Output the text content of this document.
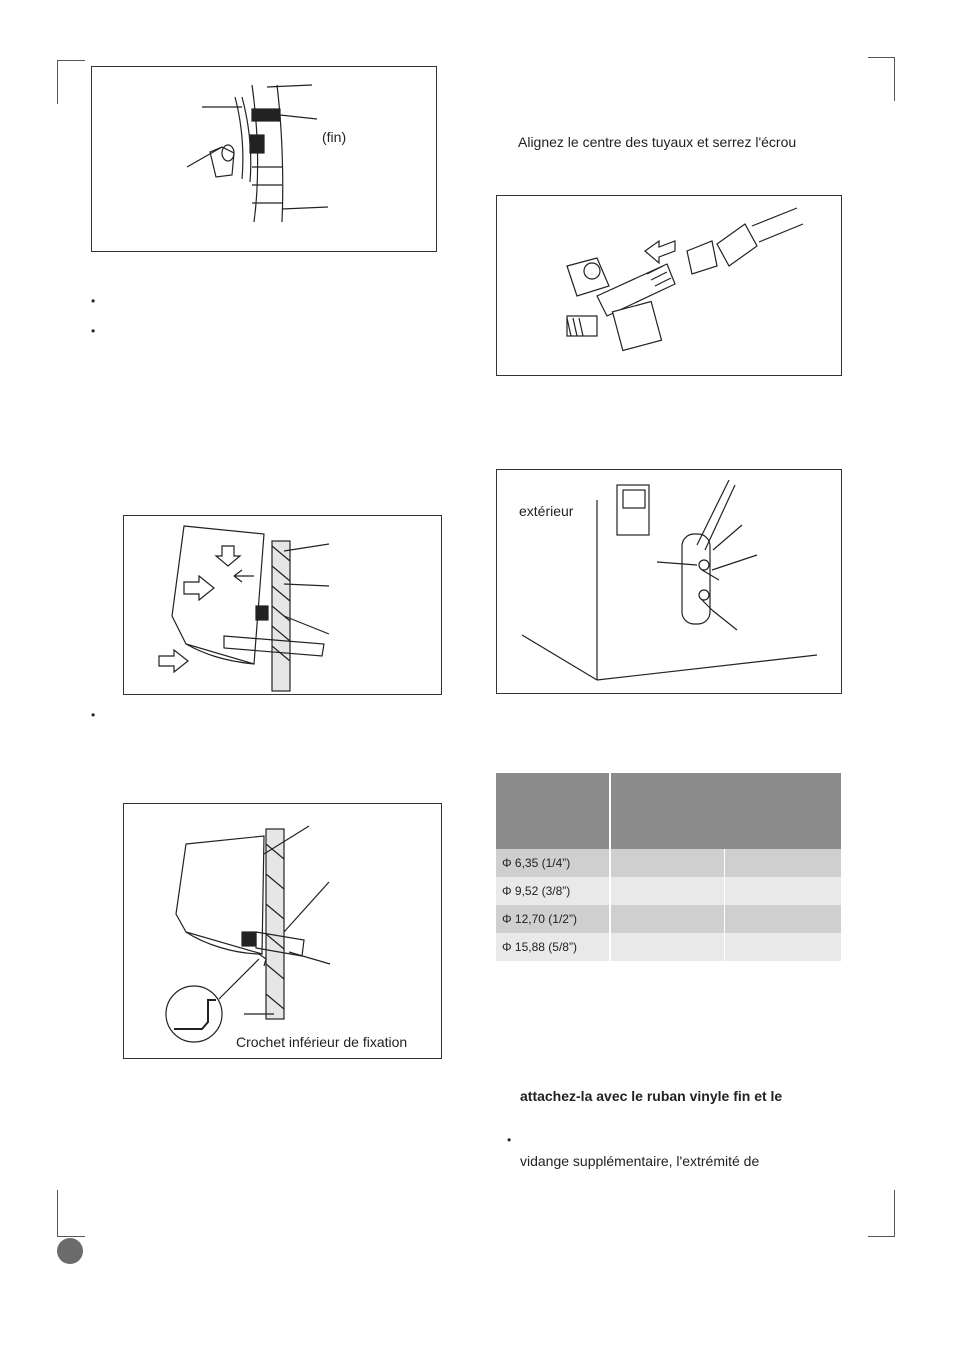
(fin)
•
•
•
Crochet inférieur de fixation
Alignez le centre des tuyaux et serrez l'écrou
extérieur

Φ 6,35 (1/4”)		
Φ 9,52 (3/8”)		
Φ 12,70 (1/2”)		
Φ 15,88 (5/8”)		
attachez-la avec le ruban vinyle fin et le
•
vidange supplémentaire, l'extrémité de
